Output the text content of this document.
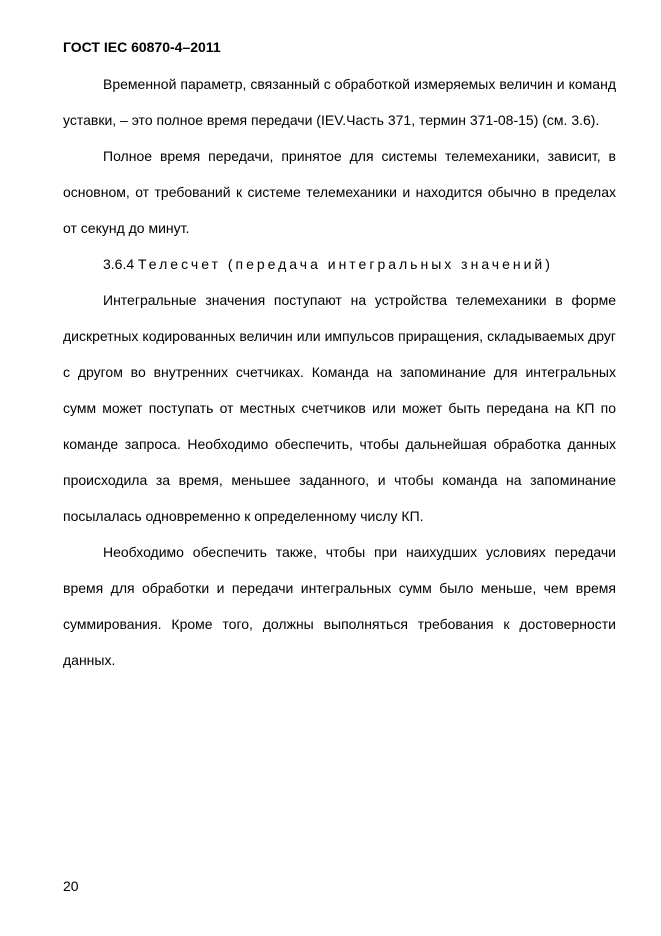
ГОСТ IEC 60870-4–2011

Временной параметр, связанный с обработкой измеряемых величин и команд уставки, – это полное время передачи (IEV.Часть 371, термин 371-08-15) (см. 3.6).

Полное время передачи, принятое для системы телемеханики, зависит, в основном, от требований к системе телемеханики и находится обычно в пределах от секунд до минут.

3.6.4 Телесчет (передача интегральных значений)

Интегральные значения поступают на устройства телемеханики в форме дискретных кодированных величин или импульсов приращения, складываемых друг с другом во внутренних счетчиках. Команда на запоминание для интегральных сумм может поступать от местных счетчиков или может быть передана на КП по команде запроса. Необходимо обеспечить, чтобы дальнейшая обработка данных происходила за время, меньшее заданного, и чтобы команда на запоминание посылалась одновременно к определенному числу КП.

Необходимо обеспечить также, чтобы при наихудших условиях передачи время для обработки и передачи интегральных сумм было меньше, чем время суммирования. Кроме того, должны выполняться требования к достоверности данных.

20
